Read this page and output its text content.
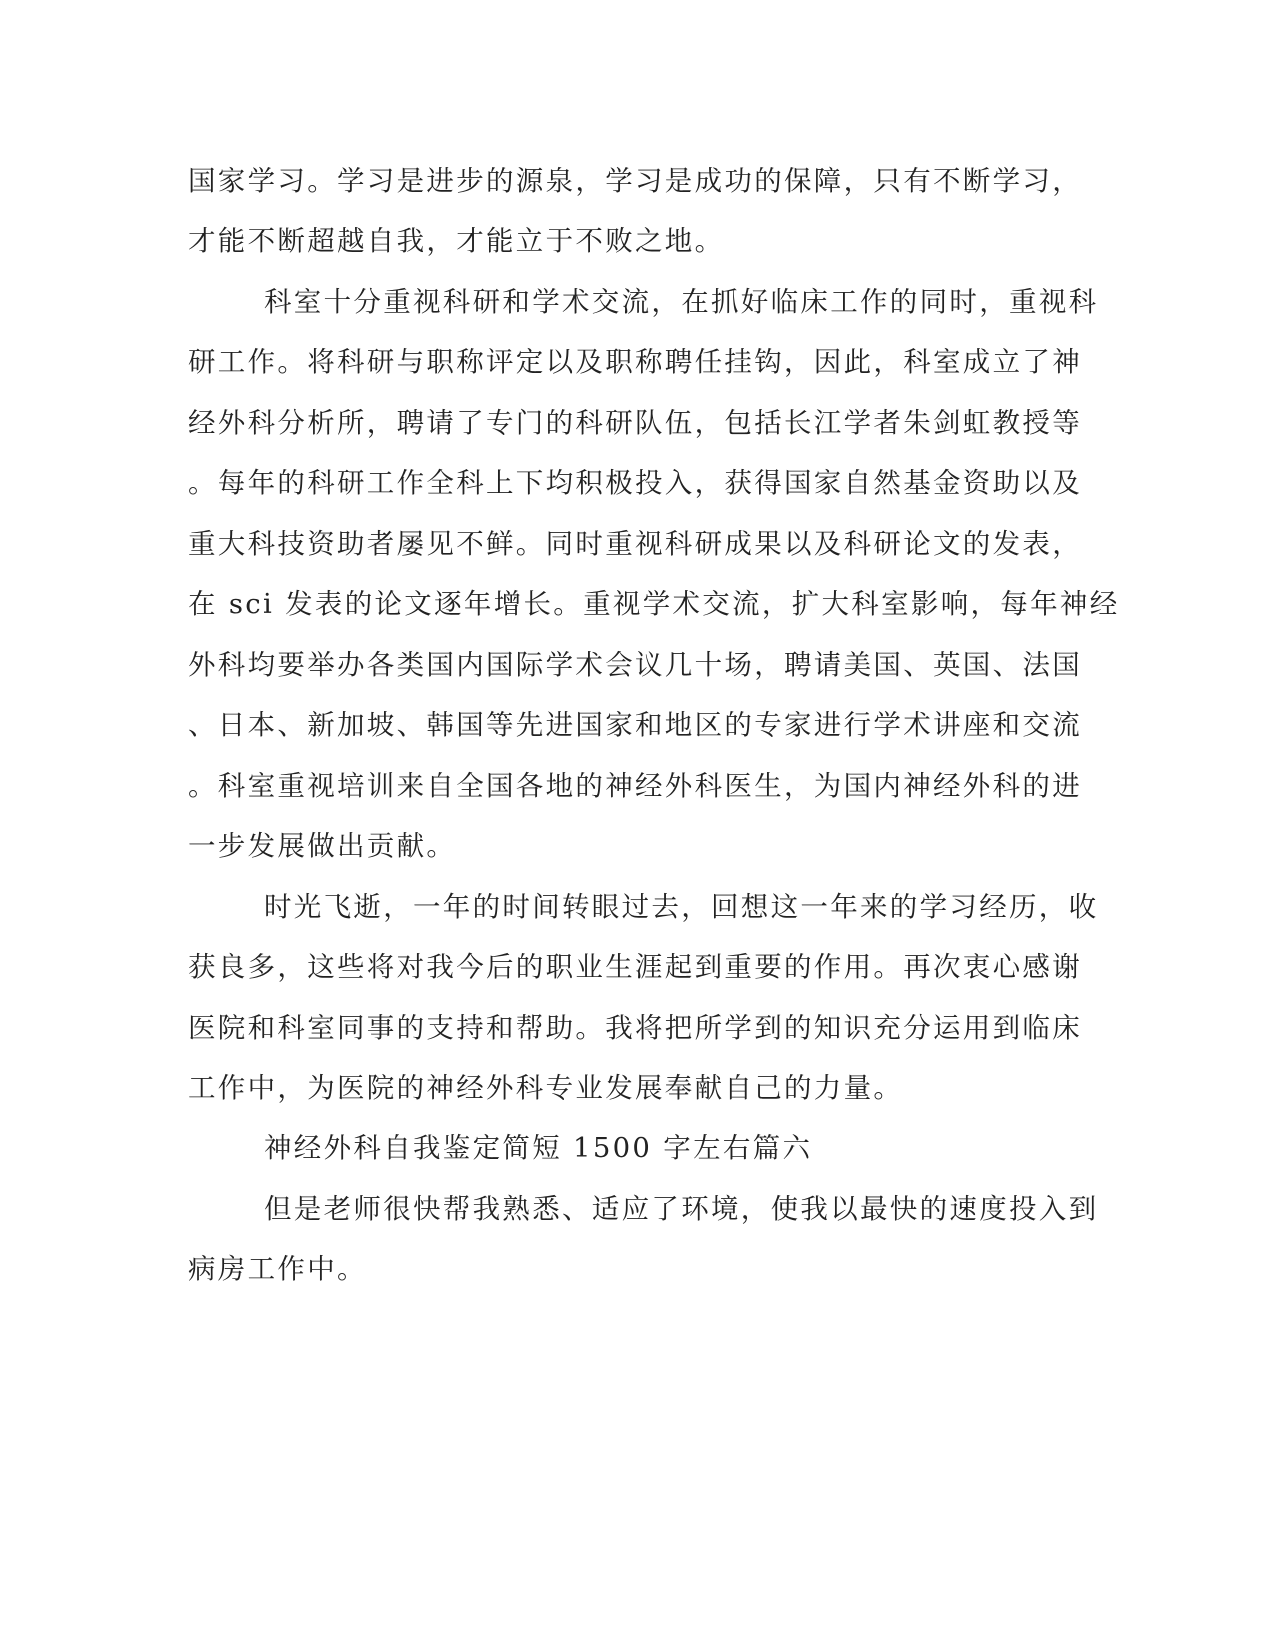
国家学习。学习是进步的源泉，学习是成功的保障，只有不断学习，
才能不断超越自我，才能立于不败之地。
科室十分重视科研和学术交流，在抓好临床工作的同时，重视科
研工作。将科研与职称评定以及职称聘任挂钩，因此，科室成立了神
经外科分析所，聘请了专门的科研队伍，包括长江学者朱剑虹教授等
。每年的科研工作全科上下均积极投入，获得国家自然基金资助以及
重大科技资助者屡见不鲜。同时重视科研成果以及科研论文的发表，
在 sci 发表的论文逐年增长。重视学术交流，扩大科室影响，每年神经
外科均要举办各类国内国际学术会议几十场，聘请美国、英国、法国
、日本、新加坡、韩国等先进国家和地区的专家进行学术讲座和交流
。科室重视培训来自全国各地的神经外科医生，为国内神经外科的进
一步发展做出贡献。
时光飞逝，一年的时间转眼过去，回想这一年来的学习经历，收
获良多，这些将对我今后的职业生涯起到重要的作用。再次衷心感谢
医院和科室同事的支持和帮助。我将把所学到的知识充分运用到临床
工作中，为医院的神经外科专业发展奉献自己的力量。
神经外科自我鉴定简短 1500 字左右篇六
但是老师很快帮我熟悉、适应了环境，使我以最快的速度投入到
病房工作中。
